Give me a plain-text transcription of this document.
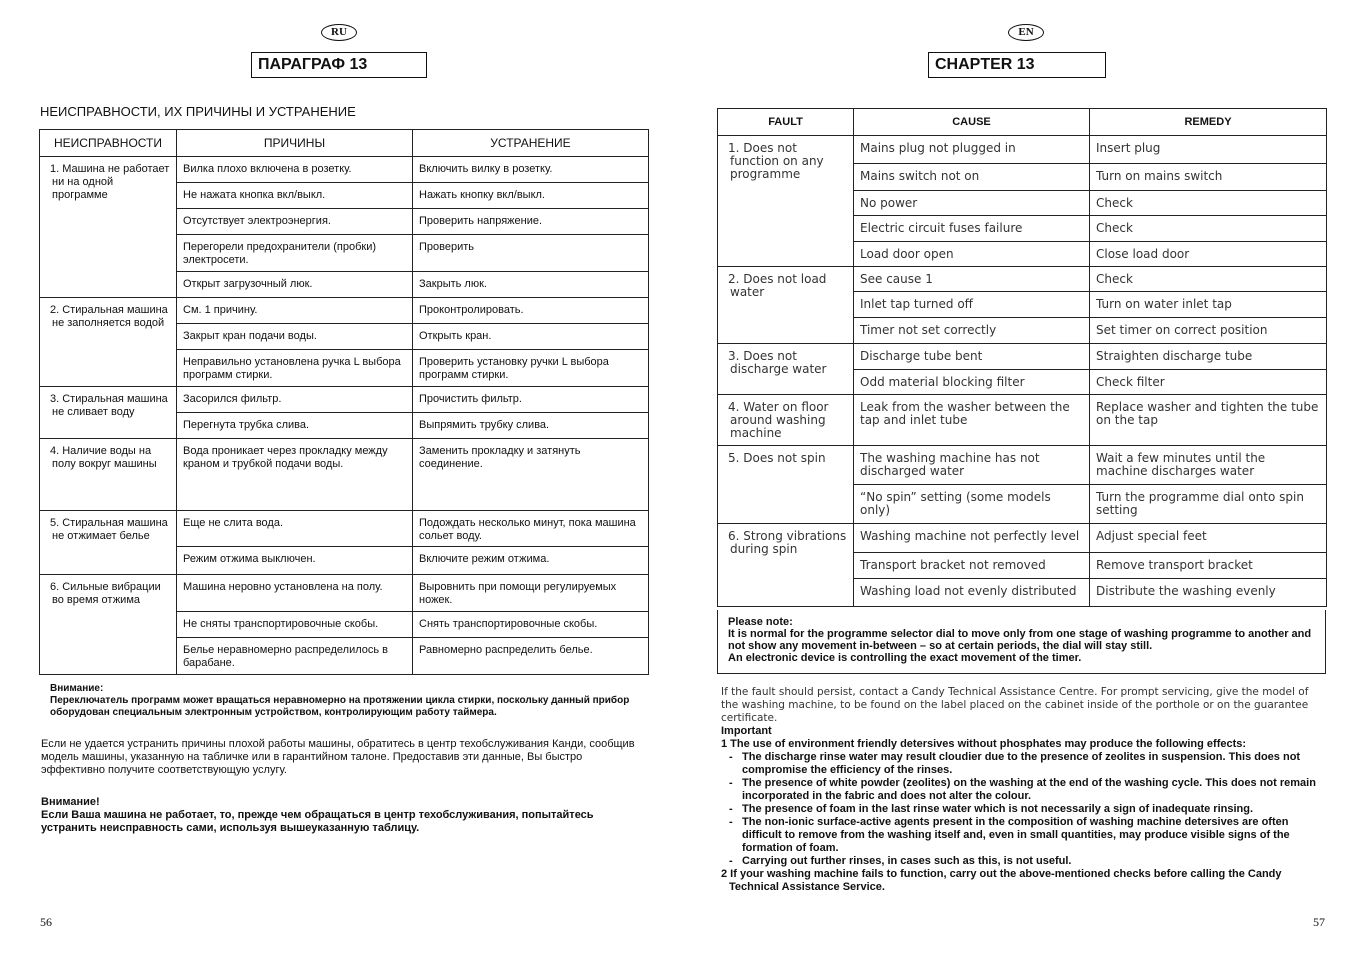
RU
ПАРАГРАФ 13
НЕИСПРАВНОСТИ, ИХ ПРИЧИНЫ И УСТРАНЕНИЕ
НЕИСПРАВНОСТИ	ПРИЧИНЫ	УСТРАНЕНИЕ
1. Машина не работает ни на одной программе	Вилка плохо включена в розетку.	Включить вилку в розетку.
	Не нажата кнопка вкл/выкл.	Нажать кнопку вкл/выкл.
	Отсутствует электроэнергия.	Проверить напряжение.
	Перегорели предохранители (пробки) электросети.	Проверить
	Открыт загрузочный люк.	Закрыть люк.
2. Стиральная машина не заполняется водой	См. 1 причину.	Проконтролировать.
	Закрыт кран подачи воды.	Открыть кран.
	Неправильно установлена ручка L выбора программ стирки.	Проверить установку ручки L выбора программ стирки.
3. Стиральная машина не сливает воду	Засорился фильтр.	Прочистить фильтр.
	Перегнута трубка слива.	Выпрямить трубку слива.
4. Наличие воды на полу вокруг машины	Вода проникает через прокладку между краном и трубкой подачи воды.	Заменить прокладку и затянуть соединение.
5. Стиральная машина не отжимает белье	Еще не слита вода.	Подождать несколько минут, пока машина сольет воду.
	Режим отжима выключен.	Включите режим отжима.
6. Сильные вибрации во время отжима	Машина неровно установлена на полу.	Выровнить при помощи регулируемых ножек.
	Не сняты транспортировочные скобы.	Снять транспортировочные скобы.
	Белье неравномерно распределилось в барабане.	Равномерно распределить белье.
Внимание:
Переключатель программ может вращаться неравномерно на протяжении цикла стирки, поскольку данный прибор оборудован специальным электронным устройством, контролирующим работу таймера.
Если не удается устранить причины плохой работы машины, обратитесь в центр техобслуживания Канди, сообщив модель машины, указанную на табличке или в гарантийном талоне. Предоставив эти данные, Вы быстро эффективно получите соответствующую услугу.
Внимание!
Если Ваша машина не работает, то, прежде чем обращаться в центр техобслуживания, попытайтесь устранить неисправность сами, используя вышеуказанную таблицу.
56
EN
CHAPTER 13
FAULT	CAUSE	REMEDY
1. Does not function on any programme	Mains plug not plugged in	Insert plug
	Mains switch not on	Turn on mains switch
	No power	Check
	Electric circuit fuses failure	Check
	Load door open	Close load door
2. Does not load water	See cause 1	Check
	Inlet tap turned off	Turn on water inlet tap
	Timer not set correctly	Set timer on correct position
3. Does not discharge water	Discharge tube bent	Straighten discharge tube
	Odd material blocking filter	Check filter
4. Water on floor around washing machine	Leak from the washer between the tap and inlet tube	Replace washer and tighten the tube on the tap
5. Does not spin	The washing machine has not discharged water	Wait a few minutes until the machine discharges water
	“No spin” setting (some models only)	Turn the programme dial onto spin setting
6. Strong vibrations during spin	Washing machine not perfectly level	Adjust special feet
	Transport bracket not removed	Remove transport bracket
	Washing load not evenly distributed	Distribute the washing evenly
Please note:
It is normal for the programme selector dial to move only from one stage of washing programme to another and not show any movement in-between – so at certain periods, the dial will stay still.
An electronic device is controlling the exact movement of the timer.
If the fault should persist, contact a Candy Technical Assistance Centre. For prompt servicing, give the model of the washing machine, to be found on the label placed on the cabinet inside of the porthole or on the guarantee certificate.
Important
1 The use of environment friendly detersives without phosphates may produce the following effects:
- The discharge rinse water may result cloudier due to the presence of zeolites in suspension. This does not compromise the efficiency of the rinses.
- The presence of white powder (zeolites) on the washing at the end of the washing cycle. This does not remain incorporated in the fabric and does not alter the colour.
- The presence of foam in the last rinse water which is not necessarily a sign of inadequate rinsing.
- The non-ionic surface-active agents present in the composition of washing machine detersives are often difficult to remove from the washing itself and, even in small quantities, may produce visible signs of the formation of foam.
- Carrying out further rinses, in cases such as this, is not useful.
2 If your washing machine fails to function, carry out the above-mentioned checks before calling the Candy Technical Assistance Service.
57
